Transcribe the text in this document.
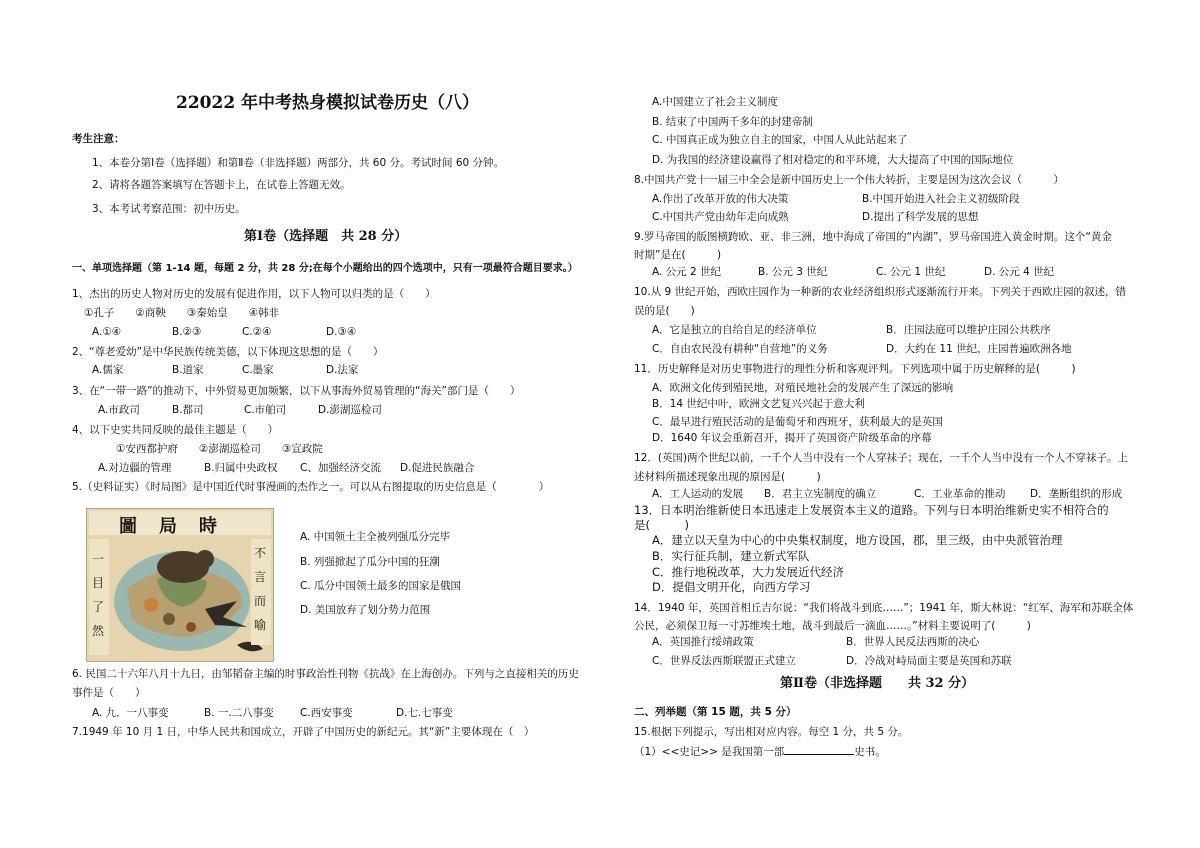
22022 年中考热身模拟试卷历史（八）
考生注意：
1、本卷分第Ⅰ卷（选择题）和第Ⅱ卷（非选择题）两部分，共 60 分。考试时间 60 分钟。
2、请将各题答案填写在答题卡上，在试卷上答题无效。
3、本考试考察范围：初中历史。
第Ⅰ卷（选择题　共 28 分）
一、单项选择题（第 1-14 题，每题 2 分，共 28 分;在每个小题给出的四个选项中，只有一项最符合题目要求。）
1、杰出的历史人物对历史的发展有促进作用，以下人物可以归类的是（　　）
①孔子　　②商鞅　　③秦始皇　　④韩非
A.①④	B.②③	C.②④	D.③④
2、“尊老爱幼”是中华民族传统美德，以下体现这思想的是（　　）
A.儒家	B.道家	C.墨家	D.法家
3、在“一带一路”的推动下，中外贸易更加频繁，以下从事海外贸易管理的“海关”部门是（　　）
A.市政司	B.都司	C.市舶司	D.澎湖巡检司
4、以下史实共同反映的最佳主题是（　　）
①安西都护府　　②澎湖巡检司　　③宣政院
A.对边疆的管理	B.归属中央政权 C、加强经济交流 D.促进民族融合
5.（史料证实）《时局图》是中国近代时事漫画的杰作之一。可以从右图提取的历史信息是（　　　　）
圖局時
一目了然
不言而喻
A. 中国领土主全被列强瓜分完毕
B. 列强掀起了瓜分中国的狂潮
C. 瓜分中国领土最多的国家是俄国
D. 美国放弃了划分势力范围
6. 民国二十六年八月十九日，由邹韬奋主编的时事政治性刊物《抗战》在上海创办。下列与之直接相关的历史
事件是（　　）
A. 九．一八事变	B. 一.二八事变	C.西安事变	D.七.七事变
7.1949 年 10 月 1 日，中华人民共和国成立，开辟了中国历史的新纪元。其“新”主要体现在（　）
A.中国建立了社会主义制度
B. 结束了中国两千多年的封建帝制
C. 中国真正成为独立自主的国家，中国人从此站起来了
D. 为我国的经济建设赢得了相对稳定的和平环境，大大提高了中国的国际地位
8.中国共产党十一届三中全会是新中国历史上一个伟大转折，主要是因为这次会议（　　　）
A.作出了改革开放的伟大决策	B.中国开始进入社会主义初级阶段
C.中国共产党由幼年走向成熟	D.提出了科学发展的思想
9.罗马帝国的版图横跨欧、亚、非三洲，地中海成了帝国的“内湖”，罗马帝国进入黄金时期。这个“黄金
时期”是在(　　　)
A. 公元 2 世纪	B. 公元 3 世纪	C. 公元 1 世纪	D. 公元 4 世纪
10.从 9 世纪开始，西欧庄园作为一种新的农业经济组织形式逐渐流行开来。下列关于西欧庄园的叙述，错
误的是(　　)
A．它是独立的自给自足的经济单位	B．庄园法庭可以维护庄园公共秩序
C．自由农民没有耕种“自营地”的义务	D．大约在 11 世纪，庄园普遍欧洲各地
11．历史解释是对历史事物进行的理性分析和客观评判。下列选项中属于历史解释的是(　　　)
A．欧洲文化传到殖民地，对殖民地社会的发展产生了深远的影响
B．14 世纪中叶，欧洲文艺复兴兴起于意大利
C．最早进行殖民活动的是葡萄牙和西班牙，获利最大的是英国
D．1640 年议会重新召开，揭开了英国资产阶级革命的序幕
12．(英国)两个世纪以前，一千个人当中没有一个人穿袜子；现在，一千个人当中没有一个人不穿袜子。上
述材料所描述现象出现的原因是(　　　)
A．工人运动的发展 B．君主立宪制度的确立	C．工业革命的推动 D．垄断组织的形成
13．日本明治维新使日本迅速走上发展资本主义的道路。下列与日本明治维新史实不相符合的
是(　　　)
A．建立以天皇为中心的中央集权制度，地方设国，郡，里三级，由中央派管治理
B．实行征兵制，建立新式军队
C．推行地税改革，大力发展近代经济
D．提倡文明开化，向西方学习
14．1940 年，英国首相丘吉尔说：“我们将战斗到底……”；1941 年，斯大林说：“红军、海军和苏联全体
公民，必须保卫每一寸苏维埃土地，战斗到最后一滴血……。”材料主要说明了(　　　)
A．英国推行绥靖政策	B．世界人民反法西斯的决心
C．世界反法西斯联盟正式建立	D．冷战对峙局面主要是英国和苏联
第Ⅱ卷（非选择题　　共 32 分）
二、列举题（第 15 题，共 5 分）
15.根据下列提示，写出相对应内容。每空 1 分，共 5 分。
（1）<<史记>> 是我国第一部	史书。
